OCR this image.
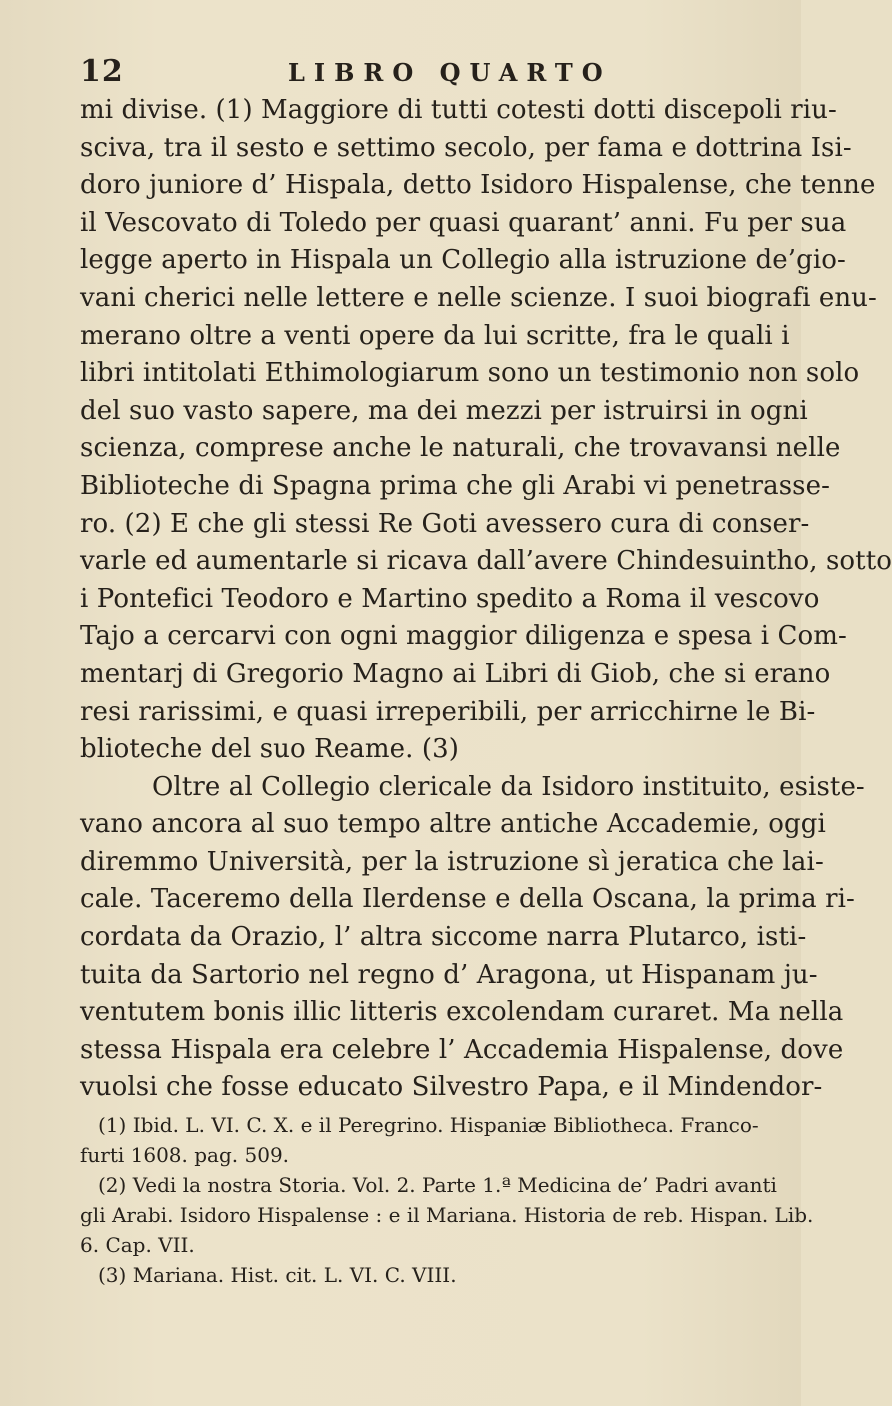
12	LIBRO QUARTO
mi divise. (1) Maggiore di tutti cotesti dotti discepoli riu-
sciva, tra il sesto e settimo secolo, per fama e dottrina Isi-
doro juniore d’ Hispala, detto Isidoro Hispalense, che tenne
il Vescovato di Toledo per quasi quarant’ anni. Fu per sua
legge aperto in Hispala un Collegio alla istruzione de’gio-
vani cherici nelle lettere e nelle scienze. I suoi biografi enu-
merano oltre a venti opere da lui scritte, fra le quali i
libri intitolati Ethimologiarum sono un testimonio non solo
del suo vasto sapere, ma dei mezzi per istruirsi in ogni
scienza, comprese anche le naturali, che trovavansi nelle
Biblioteche di Spagna prima che gli Arabi vi penetrasse-
ro. (2) E che gli stessi Re Goti avessero cura di conser-
varle ed aumentarle si ricava dall’avere Chindesuintho, sotto
i Pontefici Teodoro e Martino spedito a Roma il vescovo
Tajo a cercarvi con ogni maggior diligenza e spesa i Com-
mentarj di Gregorio Magno ai Libri di Giob, che si erano
resi rarissimi, e quasi irreperibili, per arricchirne le Bi-
blioteche del suo Reame. (3)
Oltre al Collegio clericale da Isidoro instituito, esiste-
vano ancora al suo tempo altre antiche Accademie, oggi
diremmo Università, per la istruzione sì jeratica che lai-
cale. Taceremo della Ilerdense e della Oscana, la prima ri-
cordata da Orazio, l’ altra siccome narra Plutarco, isti-
tuita da Sartorio nel regno d’ Aragona, ut Hispanam ju-
ventutem bonis illic litteris excolendam curaret. Ma nella
stessa Hispala era celebre l’ Accademia Hispalense, dove
vuolsi che fosse educato Silvestro Papa, e il Mindendor-
(1) Ibid. L. VI. C. X. e il Peregrino. Hispaniæ Bibliotheca. Franco-
furti 1608. pag. 509.
(2) Vedi la nostra Storia. Vol. 2. Parte 1.ª Medicina de’ Padri avanti
gli Arabi. Isidoro Hispalense : e il Mariana. Historia de reb. Hispan. Lib.
6. Cap. VII.
(3) Mariana. Hist. cit. L. VI. C. VIII.
